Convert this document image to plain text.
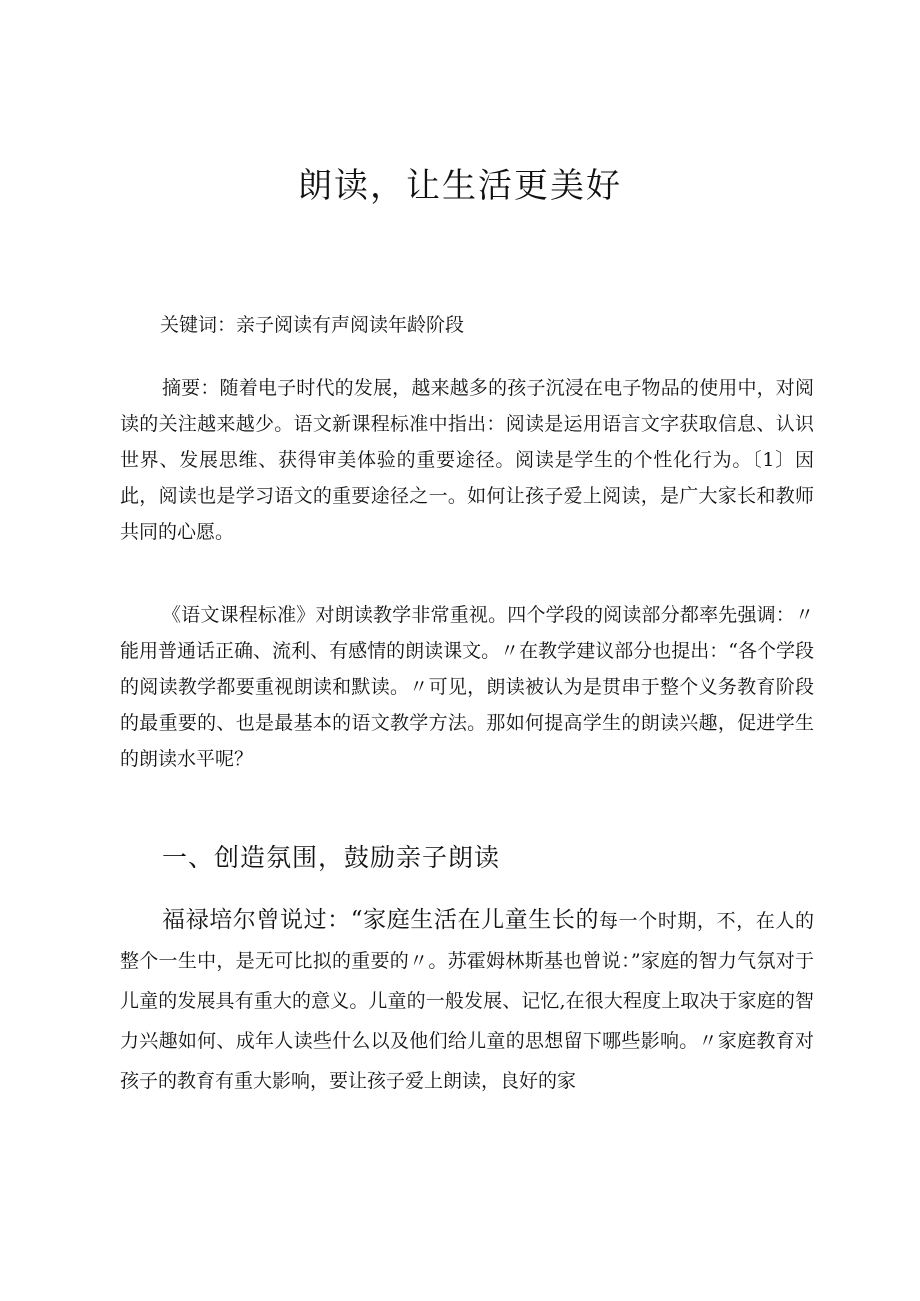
朗读，让生活更美好
关键词：亲子阅读有声阅读年龄阶段

摘要：随着电子时代的发展，越来越多的孩子沉浸在电子物品的使用中，对阅读的关注越来越少。语文新课程标准中指出：阅读是运用语言文字获取信息、认识世界、发展思维、获得审美体验的重要途径。阅读是学生的个性化行为。〔1〕因此，阅读也是学习语文的重要途径之一。如何让孩子爱上阅读，是广大家长和教师共同的心愿。

《语文课程标准》对朗读教学非常重视。四个学段的阅读部分都率先强调：〃能用普通话正确、流利、有感情的朗读课文。〃在教学建议部分也提出：“各个学段的阅读教学都要重视朗读和默读。〃可见，朗读被认为是贯串于整个义务教育阶段的最重要的、也是最基本的语文教学方法。那如何提高学生的朗读兴趣，促进学生的朗读水平呢？

一、创造氛围，鼓励亲子朗读

福禄培尔曾说过：“家庭生活在儿童生长的每一个时期，不，在人的整个一生中，是无可比拟的重要的〃。苏霍姆林斯基也曾说：”家庭的智力气氛对于儿童的发展具有重大的意义。儿童的一般发展、记忆,在很大程度上取决于家庭的智力兴趣如何、成年人读些什么以及他们给儿童的思想留下哪些影响。〃家庭教育对孩子的教育有重大影响，要让孩子爱上朗读，良好的家
